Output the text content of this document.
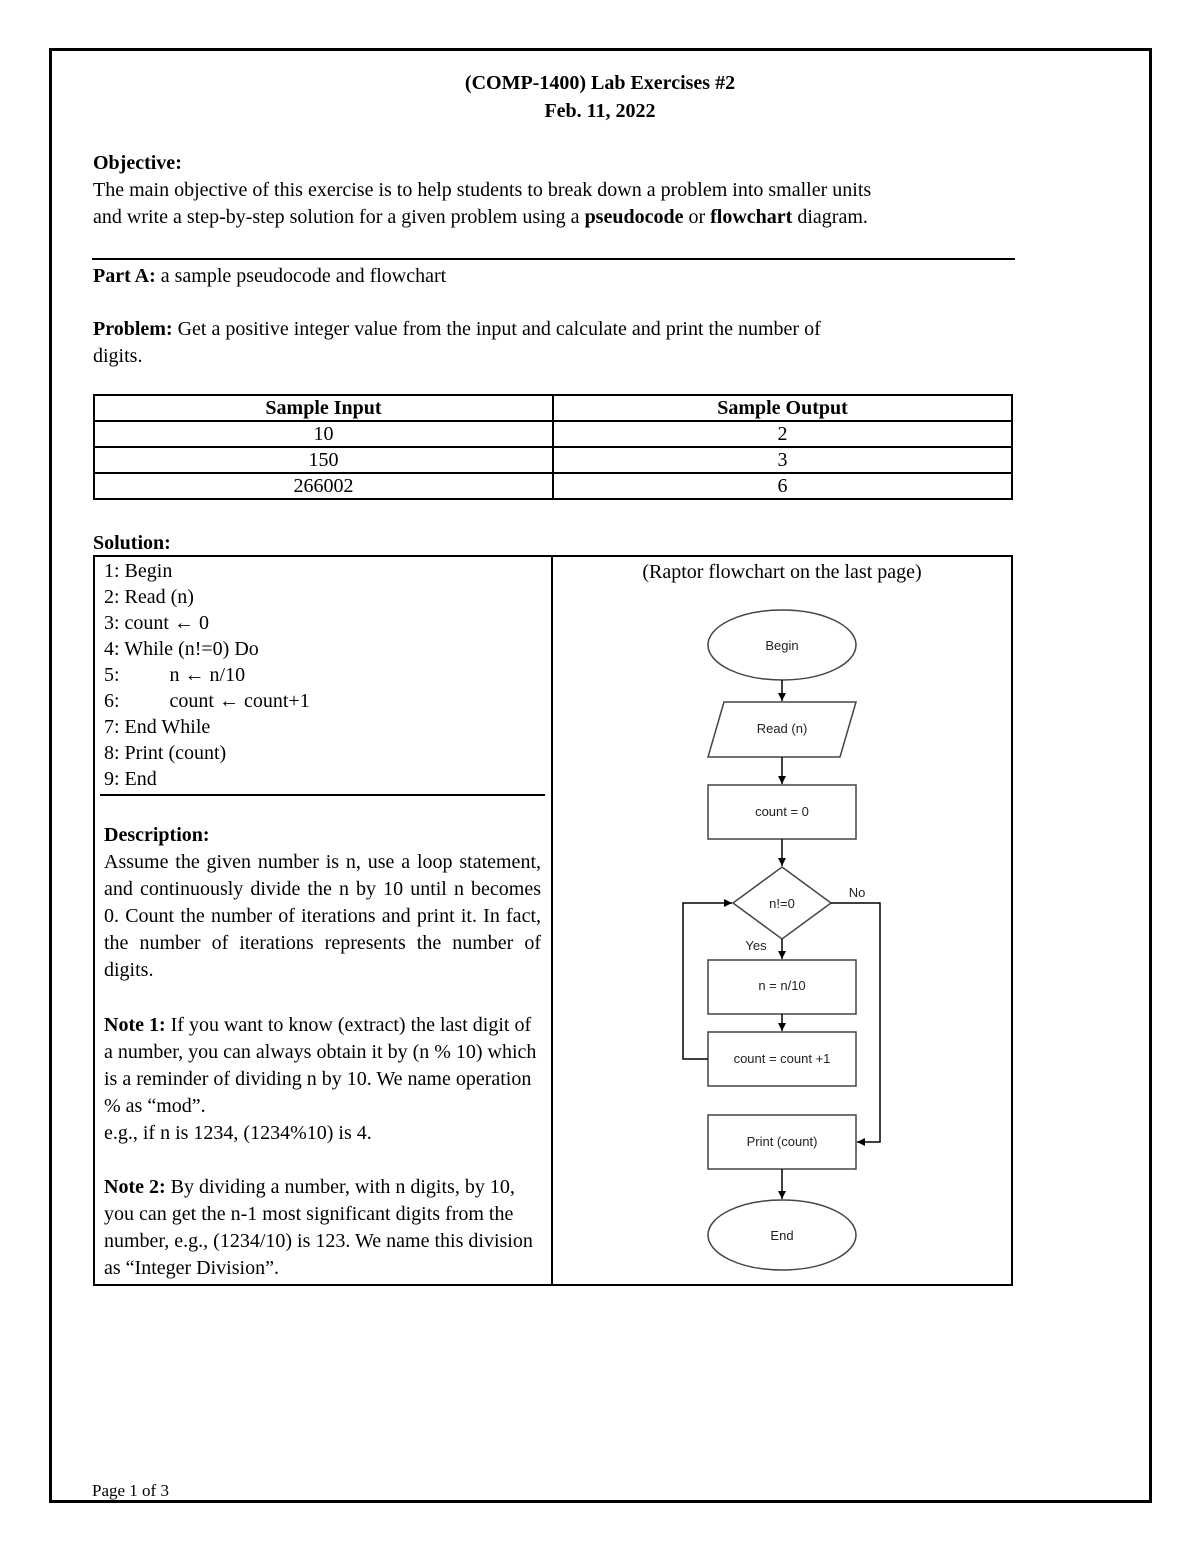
(COMP-1400) Lab Exercises #2
Feb. 11, 2022
Objective:
The main objective of this exercise is to help students to break down a problem into smaller units
and write a step-by-step solution for a given problem using a pseudocode or flowchart diagram.
Part A: a sample pseudocode and flowchart
Problem: Get a positive integer value from the input and calculate and print the number of
digits.
Sample Input	Sample Output
10	2
150	3
266002	6
Solution:
1: Begin
2: Read (n)
3: count ← 0
4: While (n!=0) Do
5:          n ← n/10
6:          count ← count+1
7: End While
8: Print (count)
9: End
Description:
Assume the given number is n, use a loop statement, and continuously divide the n by 10 until n becomes 0. Count the number of iterations and print it. In fact, the number of iterations represents the number of digits.
Note 1: If you want to know (extract) the last digit of a number, you can always obtain it by (n % 10) which is a reminder of dividing n by 10. We name operation % as “mod”.
e.g., if n is 1234, (1234%10) is 4.
Note 2: By dividing a number, with n digits, by 10, you can get the n-1 most significant digits from the number, e.g., (1234/10) is 123. We name this division as “Integer Division”.
(Raptor flowchart on the last page)
Begin
Read (n)
count = 0
n!=0
Yes
No
n = n/10
count = count +1
Print (count)
End
Page 1 of 3
